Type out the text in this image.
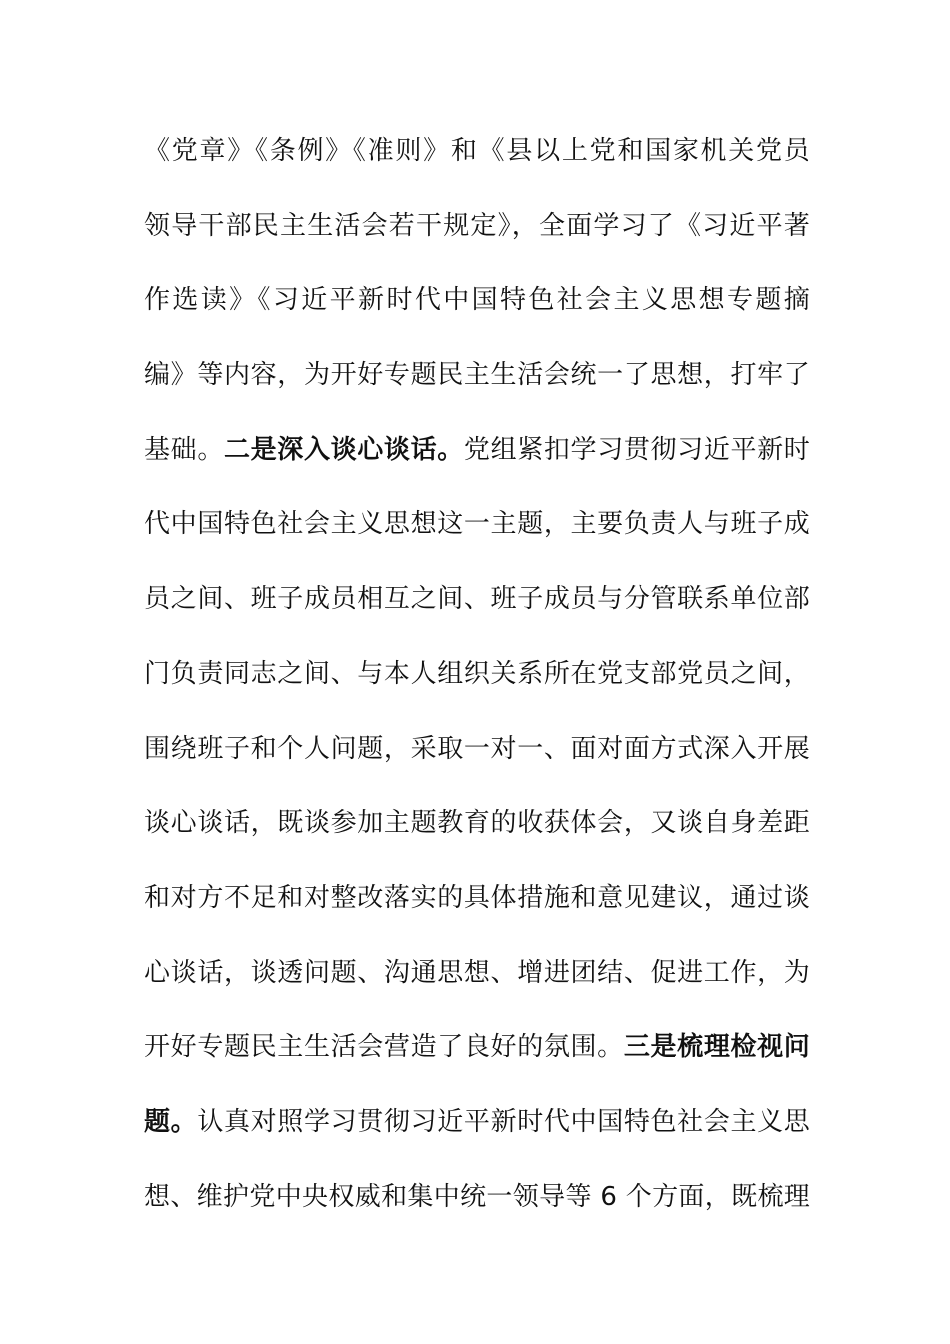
《党章》《条例》《准则》和《县以上党和国家机关党员
领导干部民主生活会若干规定》，全面学习了《习近平著
作选读》《习近平新时代中国特色社会主义思想专题摘
编》等内容，为开好专题民主生活会统一了思想，打牢了
基础。二是深入谈心谈话。党组紧扣学习贯彻习近平新时
代中国特色社会主义思想这一主题，主要负责人与班子成
员之间、班子成员相互之间、班子成员与分管联系单位部
门负责同志之间、与本人组织关系所在党支部党员之间，
围绕班子和个人问题，采取一对一、面对面方式深入开展
谈心谈话，既谈参加主题教育的收获体会，又谈自身差距
和对方不足和对整改落实的具体措施和意见建议，通过谈
心谈话，谈透问题、沟通思想、增进团结、促进工作，为
开好专题民主生活会营造了良好的氛围。三是梳理检视问
题。认真对照学习贯彻习近平新时代中国特色社会主义思
想、维护党中央权威和集中统一领导等 6 个方面，既梳理
